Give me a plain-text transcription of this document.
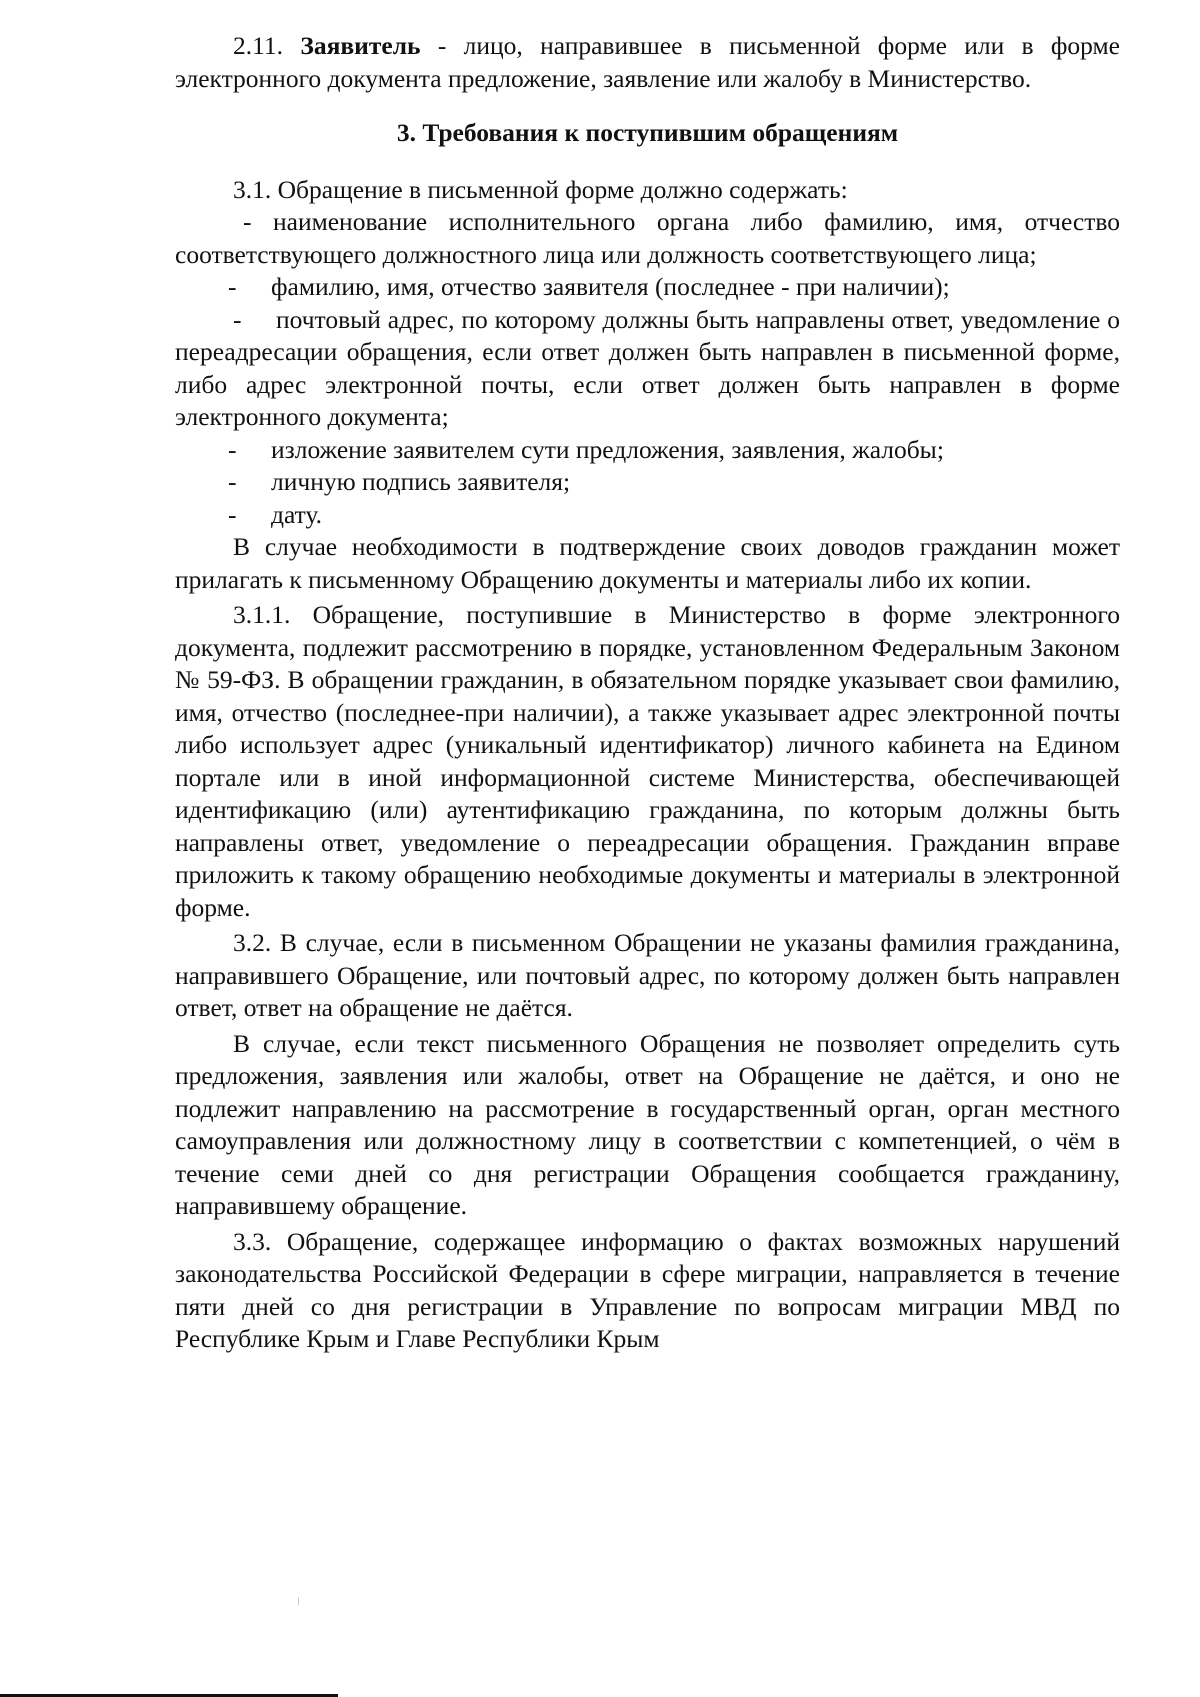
2.11. Заявитель - лицо, направившее в письменной форме или в форме электронного документа предложение, заявление или жалобу в Министерство.

3. Требования к поступившим обращениям

3.1. Обращение в письменной форме должно содержать:

- наименование исполнительного органа либо фамилию, имя, отчество соответствующего должностного лица или должность соответствующего лица;

-	фамилию, имя, отчество заявителя (последнее - при наличии);

- почтовый адрес, по которому должны быть направлены ответ, уведомление о переадресации обращения, если ответ должен быть направлен в письменной форме, либо адрес электронной почты, если ответ должен быть направлен в форме электронного документа;

-	изложение заявителем сути предложения, заявления, жалобы;

-	личную подпись заявителя;

-	дату.

В случае необходимости в подтверждение своих доводов гражданин может прилагать к письменному Обращению документы и материалы либо их копии.

3.1.1. Обращение, поступившие в Министерство в форме электронного документа, подлежит рассмотрению в порядке, установленном Федеральным Законом № 59-ФЗ. В обращении гражданин, в обязательном порядке указывает свои фамилию, имя, отчество (последнее-при наличии), а также указывает адрес электронной почты либо использует адрес (уникальный идентификатор) личного кабинета на Едином портале или в иной информационной системе Министерства, обеспечивающей идентификацию (или) аутентификацию гражданина, по которым должны быть направлены ответ, уведомление о переадресации обращения. Гражданин вправе приложить к такому обращению необходимые документы и материалы в электронной форме.

3.2. В случае, если в письменном Обращении не указаны фамилия гражданина, направившего Обращение, или почтовый адрес, по которому должен быть направлен ответ, ответ на обращение не даётся.

В случае, если текст письменного Обращения не позволяет определить суть предложения, заявления или жалобы, ответ на Обращение не даётся, и оно не подлежит направлению на рассмотрение в государственный орган, орган местного самоуправления или должностному лицу в соответствии с компетенцией, о чём в течение семи дней со дня регистрации Обращения сообщается гражданину, направившему обращение.

3.3. Обращение, содержащее информацию о фактах возможных нарушений законодательства Российской Федерации в сфере миграции, направляется в течение пяти дней со дня регистрации в Управление по вопросам миграции МВД по Республике Крым и Главе Республики Крым
